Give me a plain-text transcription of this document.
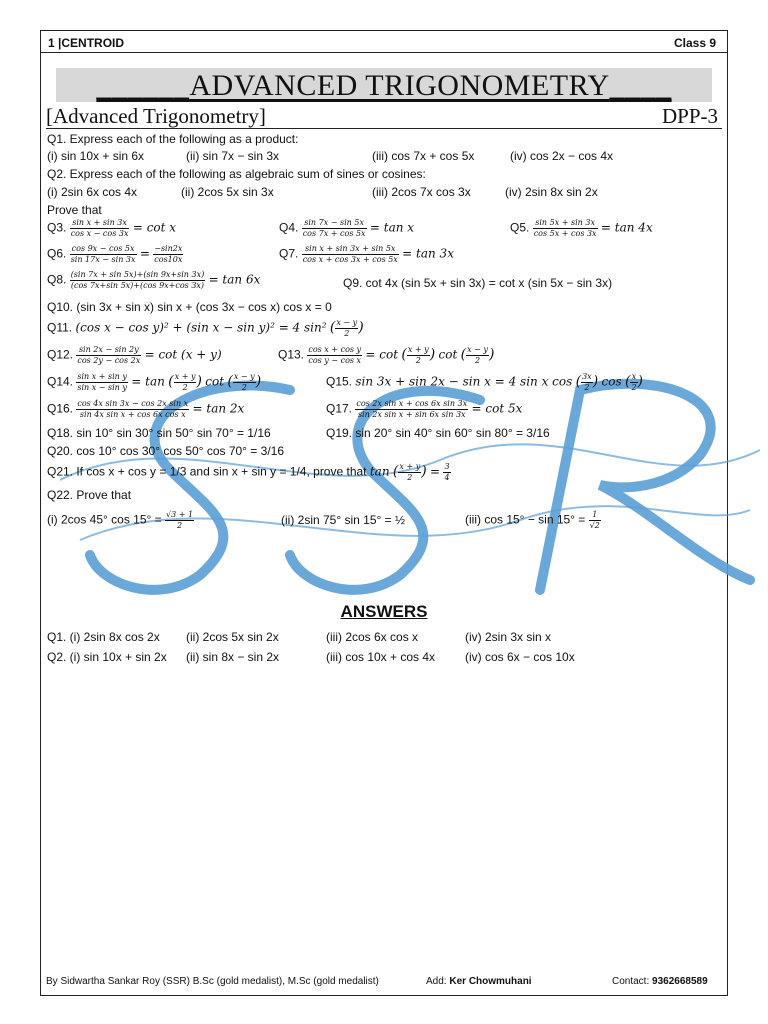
1 |CENTROID	Class 9
______ADVANCED TRIGONOMETRY____
[Advanced Trigonometry]	DPP-3
Q1. Express each of the following as a product:
(i) sin 10x + sin 6x	(ii) sin 7x − sin 3x	(iii) cos 7x + cos 5x	(iv) cos 2x − cos 4x
Q2. Express each of the following as algebraic sum of sines or cosines:
(i) 2sin 6x cos 4x	(ii) 2cos 5x sin 3x	(iii) 2cos 7x cos 3x	(iv) 2sin 8x sin 2x
Prove that
Q3. $\frac{\text{sin x + sin 3x}}{\text{cos x − cos 3x}} = \cot x$	Q4. $\frac{\sin 7x - \sin 5x}{\cos 7x + \cos 5x} = \tan x$	Q5. $\frac{\sin 5x + \sin 3x}{\cos 5x + \cos 3x} = \tan 4x$
Q6. $\frac{\cos 9x - \cos 5x}{\sin 17x - \sin 3x} = \frac{-\sin 2x}{\cos 10x}$	Q7. $\frac{\text{sin x + sin 3x + sin 5x}}{\text{cos x + cos 3x + cos 5x}} = \tan 3x$
Q8. $\frac{(\sin 7x + \sin 5x)+(\sin 9x+\sin 3x)}{(\cos 7x+\sin 5x)+(\cos 9x+\cos 3x)} = \tan 6x$	Q9. cot 4x (sin 5x + sin 3x) = cot x (sin 5x − sin 3x)
Q10. (sin 3x + sin x) sin x + (cos 3x − cos x) cos x = 0
Q11. (cos x − cos y)² + (sin x − sin y)² = 4 sin² ( $\frac{x - y}{2}$ )
Q12. $\frac{\sin 2x - \sin 2y}{\cos 2y - \cos 2x} = \cot (x + y)$	Q13. $\frac{\text{cos x + cos y}}{\text{cos y − cos x}} = \cot$ ( $\frac{x + y}{2}$ ) cot ( $\frac{x - y}{2}$ )
Q14. $\frac{\text{sin x + sin y}}{\text{sin x − sin y}} = \tan$ ( $\frac{x + y}{2}$ ) cot ( $\frac{x - y}{2}$ )	Q15. sin 3x + sin 2x − sin x = 4 sin x cos ( $\frac{3x}{2}$ ) cos ( $\frac{x}{2}$ )
Q16. $\frac{\text{cos 4x sin 3x − cos 2x sin x}}{\text{sin 4x sin x + cos 6x cos x}} = \tan 2x$	Q17. $\frac{\text{cos 2x sin x + cos 6x sin 3x}}{\text{sin 2x sin x + sin 6x sin 3x}} = \cot 5x$
Q18. sin 10° sin 30° sin 50° sin 70° = 1/16	Q19. sin 20° sin 40° sin 60° sin 80° = 3/16
Q20. cos 10° cos 30° cos 50° cos 70° = 3/16
Q21. If cos x + cos y = 1/3 and sin x + sin y = 1/4, prove that tan ( $\frac{x + y}{2}$ ) = $\frac{3}{4}$
Q22. Prove that
(i) 2cos 45° $\cos 15^\circ = \frac{√3 + 1}{2}$	(ii) 2sin 75° sin 15° = ½	(iii) $\cos 15^\circ - \sin 15^\circ = \frac{1}{√2}$
ANSWERS
Q1. (i) 2sin 8x cos 2x (ii) 2cos 5x sin 2x	(iii) 2cos 6x cos x	(iv) 2sin 3x sin x
Q2. (i) sin 10x + sin 2x (ii) sin 8x − sin 2x	(iii) cos 10x + cos 4x (iv) cos 6x − cos 10x
By Sidwartha Sankar Roy (SSR) B.Sc (gold medalist), M.Sc (gold medalist)	Add: Ker Chowmuhani	Contact: 9362668589
